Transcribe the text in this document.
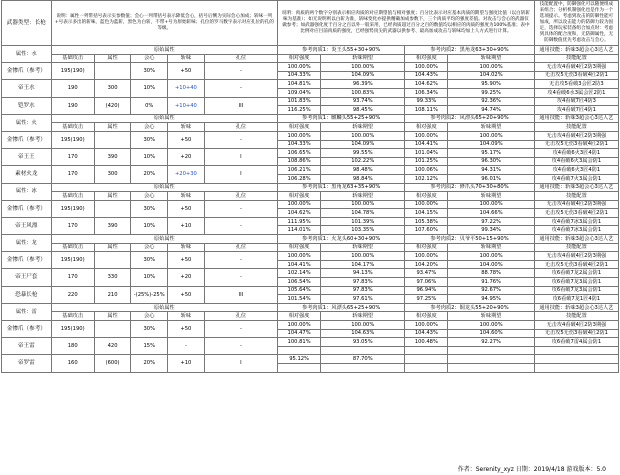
武器类型：长枪	说明：属性一列带括号表示实参数值；会心一列带括号表示降低会心，括号后侧为实际会心加成；斩味一列+号表示多出的斩味，蓝色为蓝斩，黑色为白斩，不带+号为原始斩味；孔位的罗马数字表示对应孔位的孔的等级。					说明：肉质的两个数字分别表示相应肉质的对应期望值与相对强度；百分比表示对应基本肉质的期望与强度比值（以白斩斩味为基准）；如无说明则以白斩为准，斩味变化亦提供精确加成参数下，三个肉质平均的强度差值。对攻击与会心的武器仅做参考；如武器强化度于百分之百以外一般采用，已经肉质超过百分之百的数值均以相应的肉质的强度为100%基准；表中比例对应目前肉质的强度，已经强势顶尖的武器以供参考、最高加成攻击与斩味均加上人方式进行计算。				技能配置中，防御强化可以随便组成来组合；分析机制强化也是作为一个选项提示。考虑到攻击的防御性能可加成，所以攻击能力的防御力较为固定，选择玩家装备组合加点时：考虑到具体的配合度和，无防御属性，无防御数值优先考虑攻击与会心。
属性：水	原始属性					参考肉质1：炎王头55+30+90%		参考肉质2：黑角龙63+30+90%		通用技能：斩味3超会心3达人艺
	基础攻击	属性	会心	斩味	孔位	相对强度	斩味期望	相对强度	斩味期望	技能配置
金惨爪（参考）	195(190)		30%	+50	-	100.00%	100.00%	100.00%	100.00%	无击攻4看破4匠2防3期强
						104.33%	104.09%	104.43%	104.02%	无击攻5无伤3看破4匠2防1
帝王水	190	300	10%	+10+40	-	104.81%	96.39%	104.62%	95.90%	无击攻5看破3会匠2防3
						109.04%	100.83%	106.34%	99.25%	攻4看破6水3属会匠2防1
铠罗水	190	(420)	0%	+10+40	III	101.83%	93.74%	99.33%	92.36%	攻4看破7匠4防3
						116.25%	98.45%	108.11%	94.74%	攻4看破7匠4防1
属性：火	原始属性					参考肉质1：麒麟头55+25+90%		参考肉质2：风漂头65+20+90%		通用技能：斩味3超会心3达人艺
	基础攻击	属性	会心	斩味	孔位	相对强度	斩味期望	相对强度	斩味期望	技能配置
金惨爪（参考）	195(190)		30%	+50	-	100.00%	100.00%	100.00%	100.00%	无击攻4看破4匠2防3期强
						104.33%	104.09%	104.41%	104.09%	无击攻5无伤3看破4匠2防1
帝王王	170	390	10%	+20	I	106.65%	99.55%	101.04%	95.17%	攻4看破6火3匠4防1
						108.86%	102.22%	101.25%	96.30%	攻4看破6火3属会防1
素材火龙	170	300	20%	+20+30	I	106.21%	98.48%	100.06%	94.31%	攻4看破6火3匠4防1
						106.28%	98.84%	102.12%	96.01%	攻4看破7火3属会防1
属性：冰	原始属性					参考肉质1：黑角龙63+35+90%		参考肉质2：修爪头70+30+80%		通用技能：斩味3超会心3达人艺
	基础攻击	属性	会心	斩味	孔位	相对强度	斩味期望	相对强度	斩味期望	技能配置
金惨爪（参考）	195(190)		30%	+50	-	100.00%	100.00%	100.00%	100.00%	无击攻4看破4匠2防3期强
						104.62%	104.78%	104.15%	104.66%	无击攻5无伤3看破4匠2防1
帝王风漂	170	390	10%	+10	-	111.95%	101.39%	105.38%	97.22%	攻4看破7冰3属会防1
						114.01%	103.35%	107.60%	99.34%	攻4看破7冰3属会防1
属性：龙	原始属性					参考肉质1：火龙头60+30+90%		参考肉质2：贝爷平50+15+90%		通用技能：斩味3超会心3达人艺
	基础攻击	属性	会心	斩味	孔位	相对强度	斩味期望	相对强度	斩味期望	技能配置
金惨爪（参考）	195(190)		30%	+50	-	100.00%	100.00%	100.00%	100.00%	无击攻4看破4匠2防3期强
						104.41%	104.17%	104.20%	104.00%	无击攻5无伤3看破4匠2防1
帝王尸套	170	330	10%	+20	-	102.14%	94.13%	93.47%	88.78%	攻6看破7龙2属会防1
						106.54%	97.83%	97.06%	91.76%	攻6看破7龙3属会防1
恐暴长枪	220	210	-(25%)-25%	+50	III	105.64%	97.83%	96.94%	92.67%	攻6看破7龙3属会防1
						101.54%	97.61%	97.25%	94.95%	攻6看破7龙1匠4防1
属性：雷	原始属性					参考肉质1：风漂头65+25+90%		参考肉质2：铜龙头55+20+90%		通用技能：斩味3超会心3达人艺
	基础攻击	属性	会心	斩味	孔位	相对强度	斩味期望	相对强度	斩味期望	技能配置
金惨爪（参考）	195(190)		30%	+50	-	100.00%	100.00%	100.00%	100.00%	无击攻4看破4匠2防3期强
						104.47%	104.63%	104.43%	104.60%	无击攻5无伤3看破4匠2防1
帝王雷	180	420	15%	-	-	100.81%	93.05%	100.48%	92.27%	攻6看破7雷4属会防1

帝罗雷	160	(600)	20%	+10	I	95.12%	87.70%			

作者：Serenity_xyz 日期：2019/4/18 游戏版本：5.0
